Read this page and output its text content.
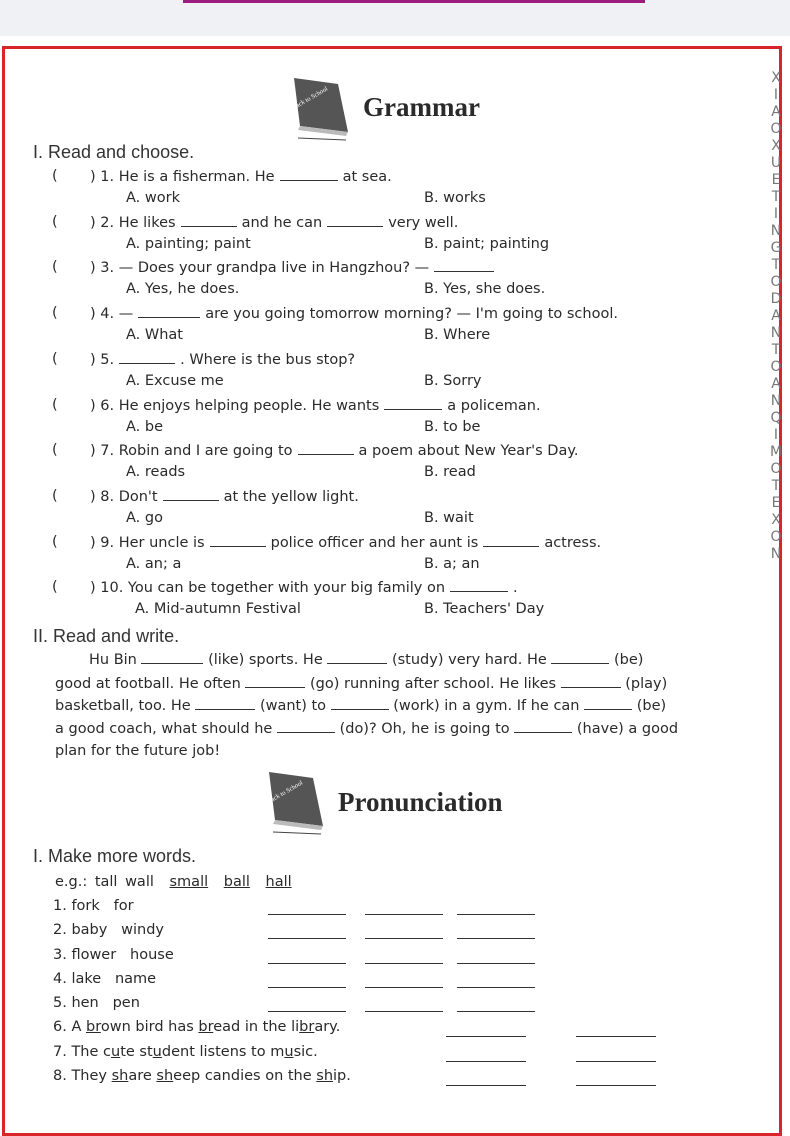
X
I
A
O
X
U
E
T
I
N
G
T
O
D
A
N
T
O
A
N
Q
I
M
O
T
E
X
O
N
Back to School Grammar
I. Read and choose.
( ) 1. He is a fisherman. He	at sea.
A. work	B. works
( ) 2. He likes	and he can	very well.
A. painting; paint	B. paint; painting
( ) 3. — Does your grandpa live in Hangzhou? —
A. Yes, he does.	B. Yes, she does.
( ) 4. —	are you going tomorrow morning? — I'm going to school.
A. What	B. Where
( ) 5.	. Where is the bus stop?
A. Excuse me	B. Sorry
( ) 6. He enjoys helping people. He wants	a policeman.
A. be	B. to be
( ) 7. Robin and I are going to	a poem about New Year's Day.
A. reads	B. read
( ) 8. Don't	at the yellow light.
A. go	B. wait
( ) 9. Her uncle is	police officer and her aunt is	actress.
A. an; a	B. a; an
( ) 10. You can be together with your big family on	.
A. Mid-autumn Festival	B. Teachers' Day
II. Read and write.
Hu Bin	(like) sports. He	(study) very hard. He	(be)
good at football. He often	(go) running after school. He likes	(play)
basketball, too. He	(want) to	(work) in a gym. If he can	(be)
a good coach, what should he	(do)? Oh, he is going to	(have) a good
plan for the future job!
Back to School Pronunciation
I. Make more words.
e.g.: tall wall small ball hall
1. fork   for
2. baby   windy
3. flower   house
4. lake   name
5. hen   pen
6. A brown bird has bread in the library.
7. The cute student listens to music.
8. They share sheep candies on the ship.
